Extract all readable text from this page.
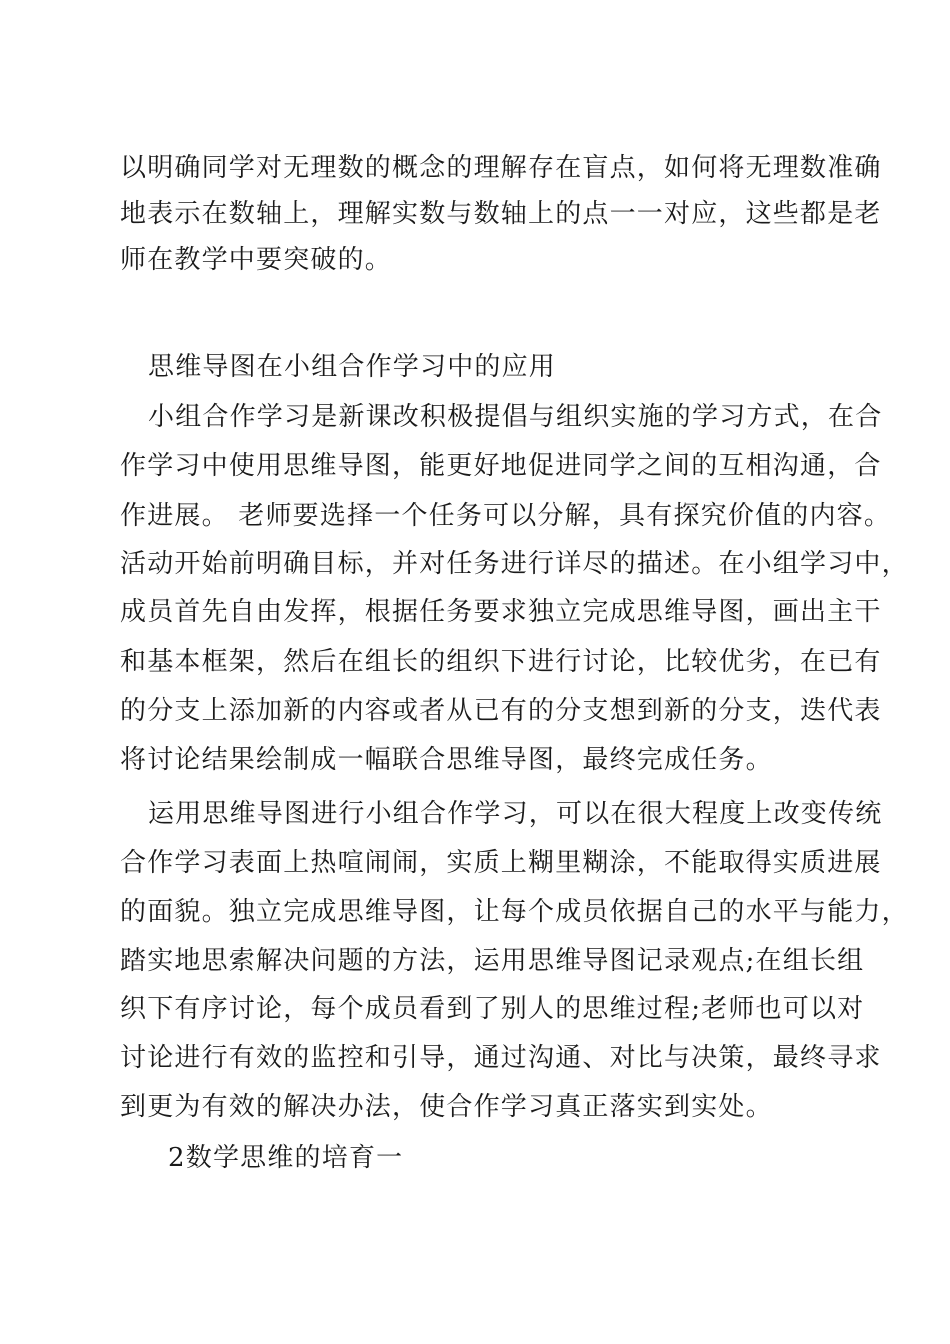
以明确同学对无理数的概念的理解存在盲点，如何将无理数准确
地表示在数轴上，理解实数与数轴上的点一一对应，这些都是老
师在教学中要突破的。
思维导图在小组合作学习中的应用
小组合作学习是新课改积极提倡与组织实施的学习方式，在合
作学习中使用思维导图，能更好地促进同学之间的互相沟通，合
作进展。 老师要选择一个任务可以分解，具有探究价值的内容。
活动开始前明确目标，并对任务进行详尽的描述。在小组学习中，
成员首先自由发挥，根据任务要求独立完成思维导图，画出主干
和基本框架，然后在组长的组织下进行讨论，比较优劣，在已有
的分支上添加新的内容或者从已有的分支想到新的分支，迭代表
将讨论结果绘制成一幅联合思维导图，最终完成任务。
运用思维导图进行小组合作学习，可以在很大程度上改变传统
合作学习表面上热喧闹闹，实质上糊里糊涂，不能取得实质进展
的面貌。独立完成思维导图，让每个成员依据自己的水平与能力，
踏实地思索解决问题的方法，运用思维导图记录观点;在组长组
织下有序讨论，每个成员看到了别人的思维过程;老师也可以对
讨论进行有效的监控和引导，通过沟通、对比与决策，最终寻求
到更为有效的解决办法，使合作学习真正落实到实处。
2数学思维的培育一
